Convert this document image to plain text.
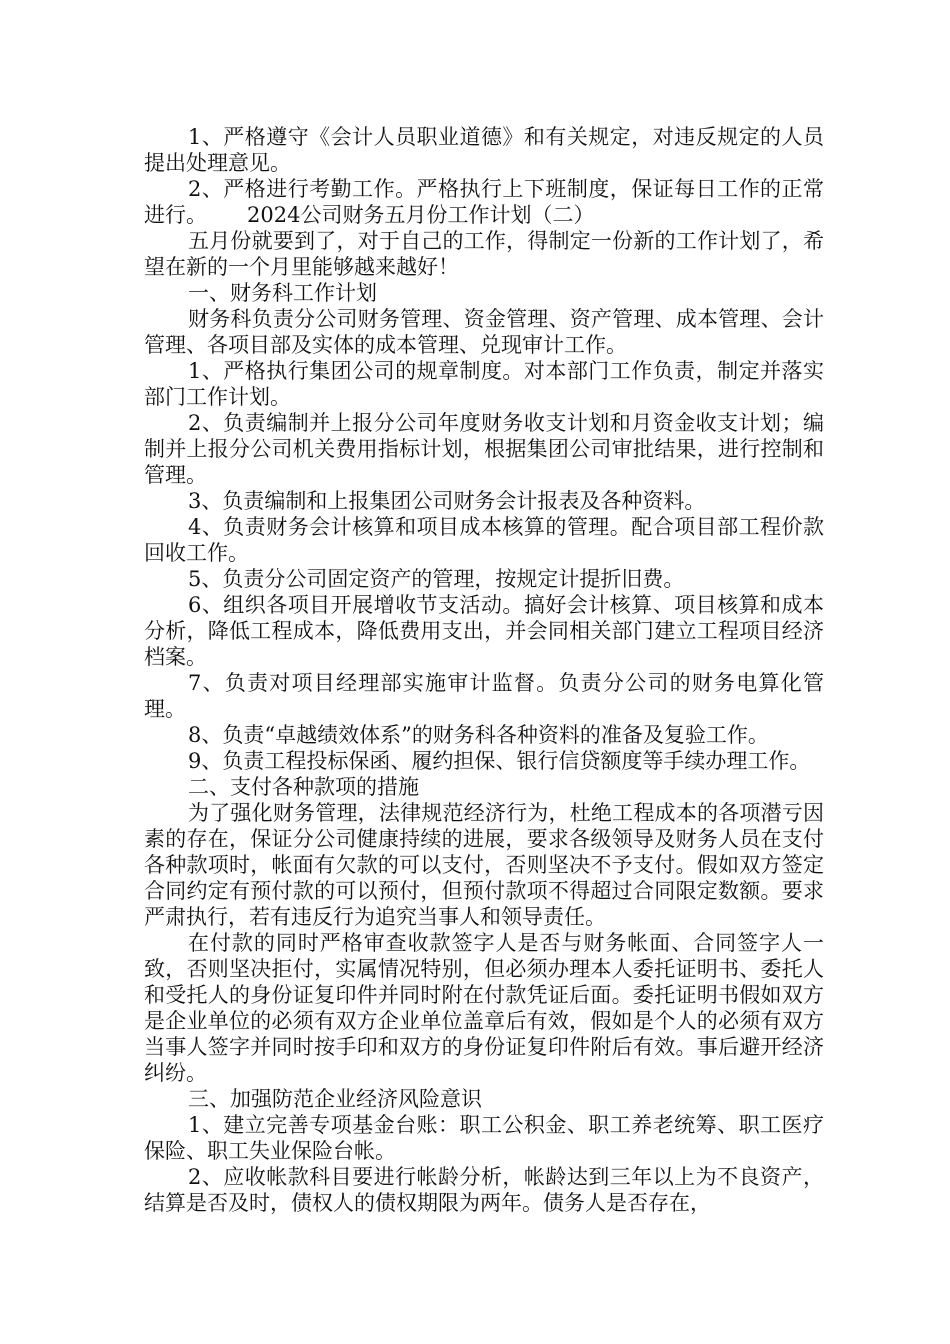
1、严格遵守《会计人员职业道德》和有关规定，对违反规定的人员提出处理意见。

2、严格进行考勤工作。严格执行上下班制度，保证每日工作的正常进行。 2024公司财务五月份工作计划（二）

五月份就要到了，对于自己的工作，得制定一份新的工作计划了，希望在新的一个月里能够越来越好！

一、财务科工作计划

财务科负责分公司财务管理、资金管理、资产管理、成本管理、会计管理、各项目部及实体的成本管理、兑现审计工作。

1、严格执行集团公司的规章制度。对本部门工作负责，制定并落实部门工作计划。

2、负责编制并上报分公司年度财务收支计划和月资金收支计划；编制并上报分公司机关费用指标计划，根据集团公司审批结果，进行控制和管理。

3、负责编制和上报集团公司财务会计报表及各种资料。

4、负责财务会计核算和项目成本核算的管理。配合项目部工程价款回收工作。

5、负责分公司固定资产的管理，按规定计提折旧费。

6、组织各项目开展增收节支活动。搞好会计核算、项目核算和成本分析，降低工程成本，降低费用支出，并会同相关部门建立工程项目经济档案。

7、负责对项目经理部实施审计监督。负责分公司的财务电算化管理。

8、负责“卓越绩效体系”的财务科各种资料的准备及复验工作。

9、负责工程投标保函、履约担保、银行信贷额度等手续办理工作。

二、支付各种款项的措施

为了强化财务管理，法律规范经济行为，杜绝工程成本的各项潜亏因素的存在，保证分公司健康持续的进展，要求各级领导及财务人员在支付各种款项时，帐面有欠款的可以支付，否则坚决不予支付。假如双方签定合同约定有预付款的可以预付，但预付款项不得超过合同限定数额。要求严肃执行，若有违反行为追究当事人和领导责任。

在付款的同时严格审查收款签字人是否与财务帐面、合同签字人一致，否则坚决拒付，实属情况特别，但必须办理本人委托证明书、委托人和受托人的身份证复印件并同时附在付款凭证后面。委托证明书假如双方是企业单位的必须有双方企业单位盖章后有效，假如是个人的必须有双方当事人签字并同时按手印和双方的身份证复印件附后有效。事后避开经济纠纷。

三、加强防范企业经济风险意识

1、建立完善专项基金台账：职工公积金、职工养老统筹、职工医疗保险、职工失业保险台帐。

2、应收帐款科目要进行帐龄分析，帐龄达到三年以上为不良资产，结算是否及时，债权人的债权期限为两年。债务人是否存在，
